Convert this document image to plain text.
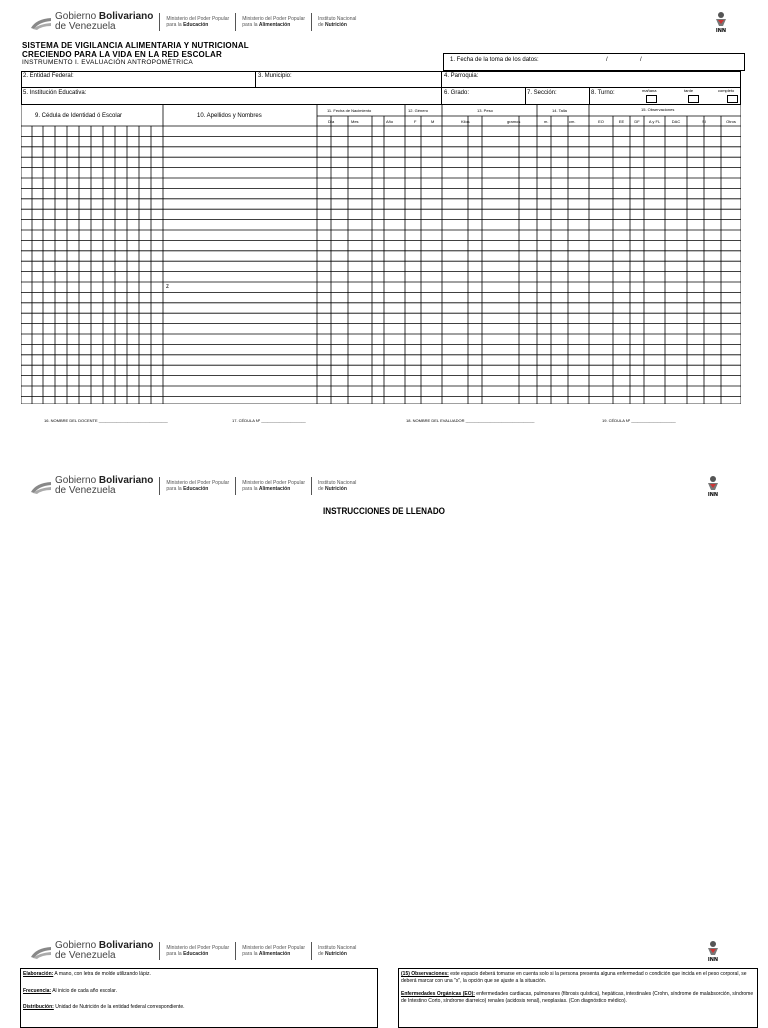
Gobierno Bolivariano
de Venezuela
Ministerio del Poder Popular
para la Educación
Ministerio del Poder Popular
para la Alimentación
Instituto Nacional
de Nutrición
INN
SISTEMA DE VIGILANCIA ALIMENTARIA Y NUTRICIONAL
CRECIENDO PARA LA VIDA EN LA RED ESCOLAR
INSTRUMENTO I. EVALUACIÓN ANTROPOMÉTRICA	1. Fecha de la toma de los datos:	/	/
2. Entidad Federal:	3. Municipio:	4. Parroquia:
5. Institución Educativa:	6. Grado:	7. Sección:	8. Turno:	mañana	tarde	completo
9. Cédula de Identidad ó Escolar	10. Apellidos y Nombres
11. Fecha de Nacimiento	12. Género	13. Peso	14. Talla	15. Observaciones
Día	Mes	Año	F	M	Kilos	gramos	m.	cm.	EO	EE	DF	A y FL	DAC	SI	Otros
z
16. NOMBRE DEL DOCENTE _______________________________	17. CÉDULA Nº ____________________	18. NOMBRE DEL EVALUADOR _______________________________	19. CÉDULA Nº ____________________
Gobierno Bolivariano
de Venezuela
Ministerio del Poder Popular
para la Educación
Ministerio del Poder Popular
para la Alimentación
Instituto Nacional
de Nutrición
INN
INSTRUCCIONES DE LLENADO
Gobierno Bolivariano
de Venezuela
Ministerio del Poder Popular
para la Educación
Ministerio del Poder Popular
para la Alimentación
Instituto Nacional
de Nutrición
INN

Elaboración: A mano, con letra de molde utilizando lápiz.

Frecuencia: Al inicio de cada año escolar.

Distribución: Unidad de Nutrición de la entidad federal correspondiente.

(15) Observaciones: este espacio deberá tomarse en cuenta solo si la persona presenta alguna enfermedad o condición que incida en el peso corporal, se deberá marcar con una "x", la opción que se ajuste a la situación.

Enfermedades Orgánicas (EO): enfermedades cardiacas, pulmonares (fibrosis quística), hepáticas, intestinales (Crohn, síndrome de malabsorción, síndrome de Intestino Corto, síndrome diarreico) renales (acidosis renal), neoplasias. (Con diagnóstico médico).
